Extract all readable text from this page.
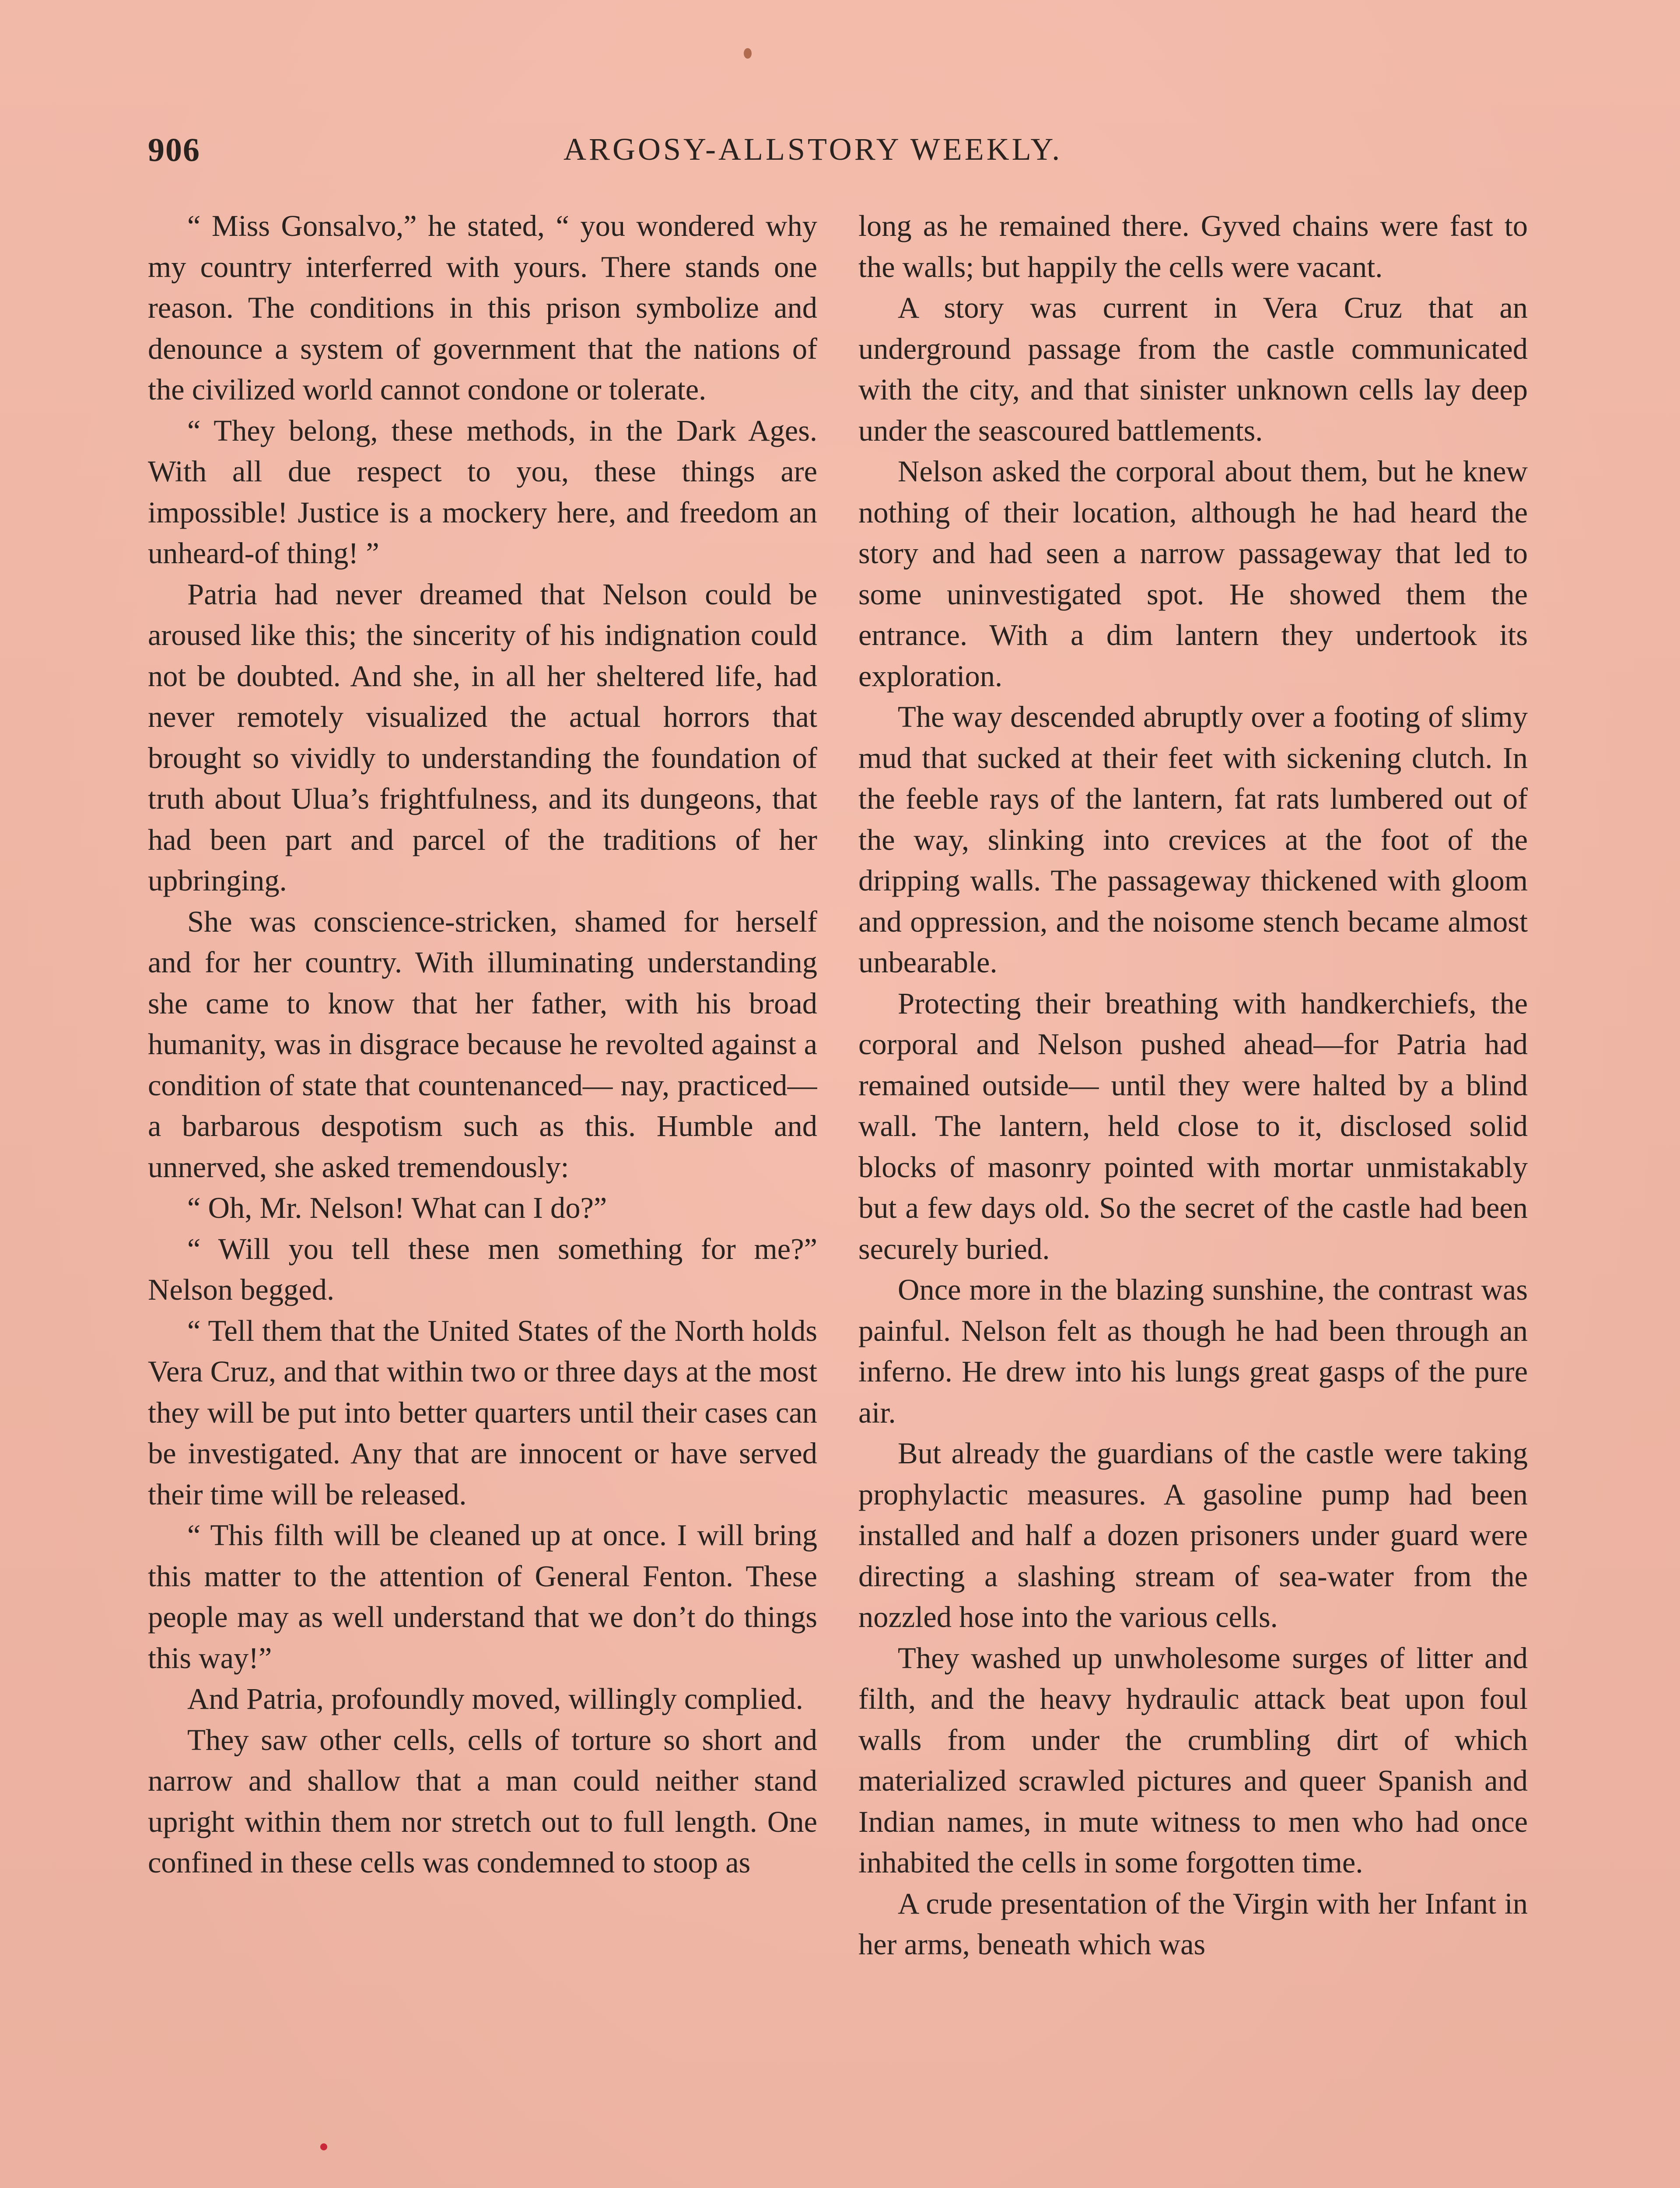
906	ARGOSY-ALLSTORY WEEKLY.

“ Miss Gonsalvo,” he stated, “ you wondered why my country interferred with yours. There stands one reason. The conditions in this prison symbolize and denounce a system of government that the nations of the civilized world cannot condone or tolerate.

“ They belong, these methods, in the Dark Ages. With all due respect to you, these things are impossible! Justice is a mockery here, and freedom an unheard-of thing! ”

Patria had never dreamed that Nelson could be aroused like this; the sincerity of his indignation could not be doubted. And she, in all her sheltered life, had never remotely visualized the actual horrors that brought so vividly to understanding the foundation of truth about Ulua’s frightfulness, and its dungeons, that had been part and parcel of the traditions of her upbringing.

She was conscience-stricken, shamed for herself and for her country. With illuminating understanding she came to know that her father, with his broad humanity, was in disgrace because he revolted against a condition of state that countenanced— nay, practiced—a barbarous despotism such as this. Humble and unnerved, she asked tremendously:

“ Oh, Mr. Nelson! What can I do?”

“ Will you tell these men something for me?” Nelson begged.

“ Tell them that the United States of the North holds Vera Cruz, and that within two or three days at the most they will be put into better quarters until their cases can be investigated. Any that are innocent or have served their time will be released.

“ This filth will be cleaned up at once. I will bring this matter to the attention of General Fenton. These people may as well understand that we don’t do things this way!”

And Patria, profoundly moved, willingly complied.

They saw other cells, cells of torture so short and narrow and shallow that a man could neither stand upright within them nor stretch out to full length. One confined in these cells was condemned to stoop as

long as he remained there. Gyved chains were fast to the walls; but happily the cells were vacant.

A story was current in Vera Cruz that an underground passage from the castle communicated with the city, and that sinister unknown cells lay deep under the seascoured battlements.

Nelson asked the corporal about them, but he knew nothing of their location, although he had heard the story and had seen a narrow passageway that led to some uninvestigated spot. He showed them the entrance. With a dim lantern they undertook its exploration.

The way descended abruptly over a footing of slimy mud that sucked at their feet with sickening clutch. In the feeble rays of the lantern, fat rats lumbered out of the way, slinking into crevices at the foot of the dripping walls. The passageway thickened with gloom and oppression, and the noisome stench became almost unbearable.

Protecting their breathing with handkerchiefs, the corporal and Nelson pushed ahead—for Patria had remained outside— until they were halted by a blind wall. The lantern, held close to it, disclosed solid blocks of masonry pointed with mortar unmistakably but a few days old. So the secret of the castle had been securely buried.

Once more in the blazing sunshine, the contrast was painful. Nelson felt as though he had been through an inferno. He drew into his lungs great gasps of the pure air.

But already the guardians of the castle were taking prophylactic measures. A gasoline pump had been installed and half a dozen prisoners under guard were directing a slashing stream of sea-water from the nozzled hose into the various cells.

They washed up unwholesome surges of litter and filth, and the heavy hydraulic attack beat upon foul walls from under the crumbling dirt of which materialized scrawled pictures and queer Spanish and Indian names, in mute witness to men who had once inhabited the cells in some forgotten time.

A crude presentation of the Virgin with her Infant in her arms, beneath which was
